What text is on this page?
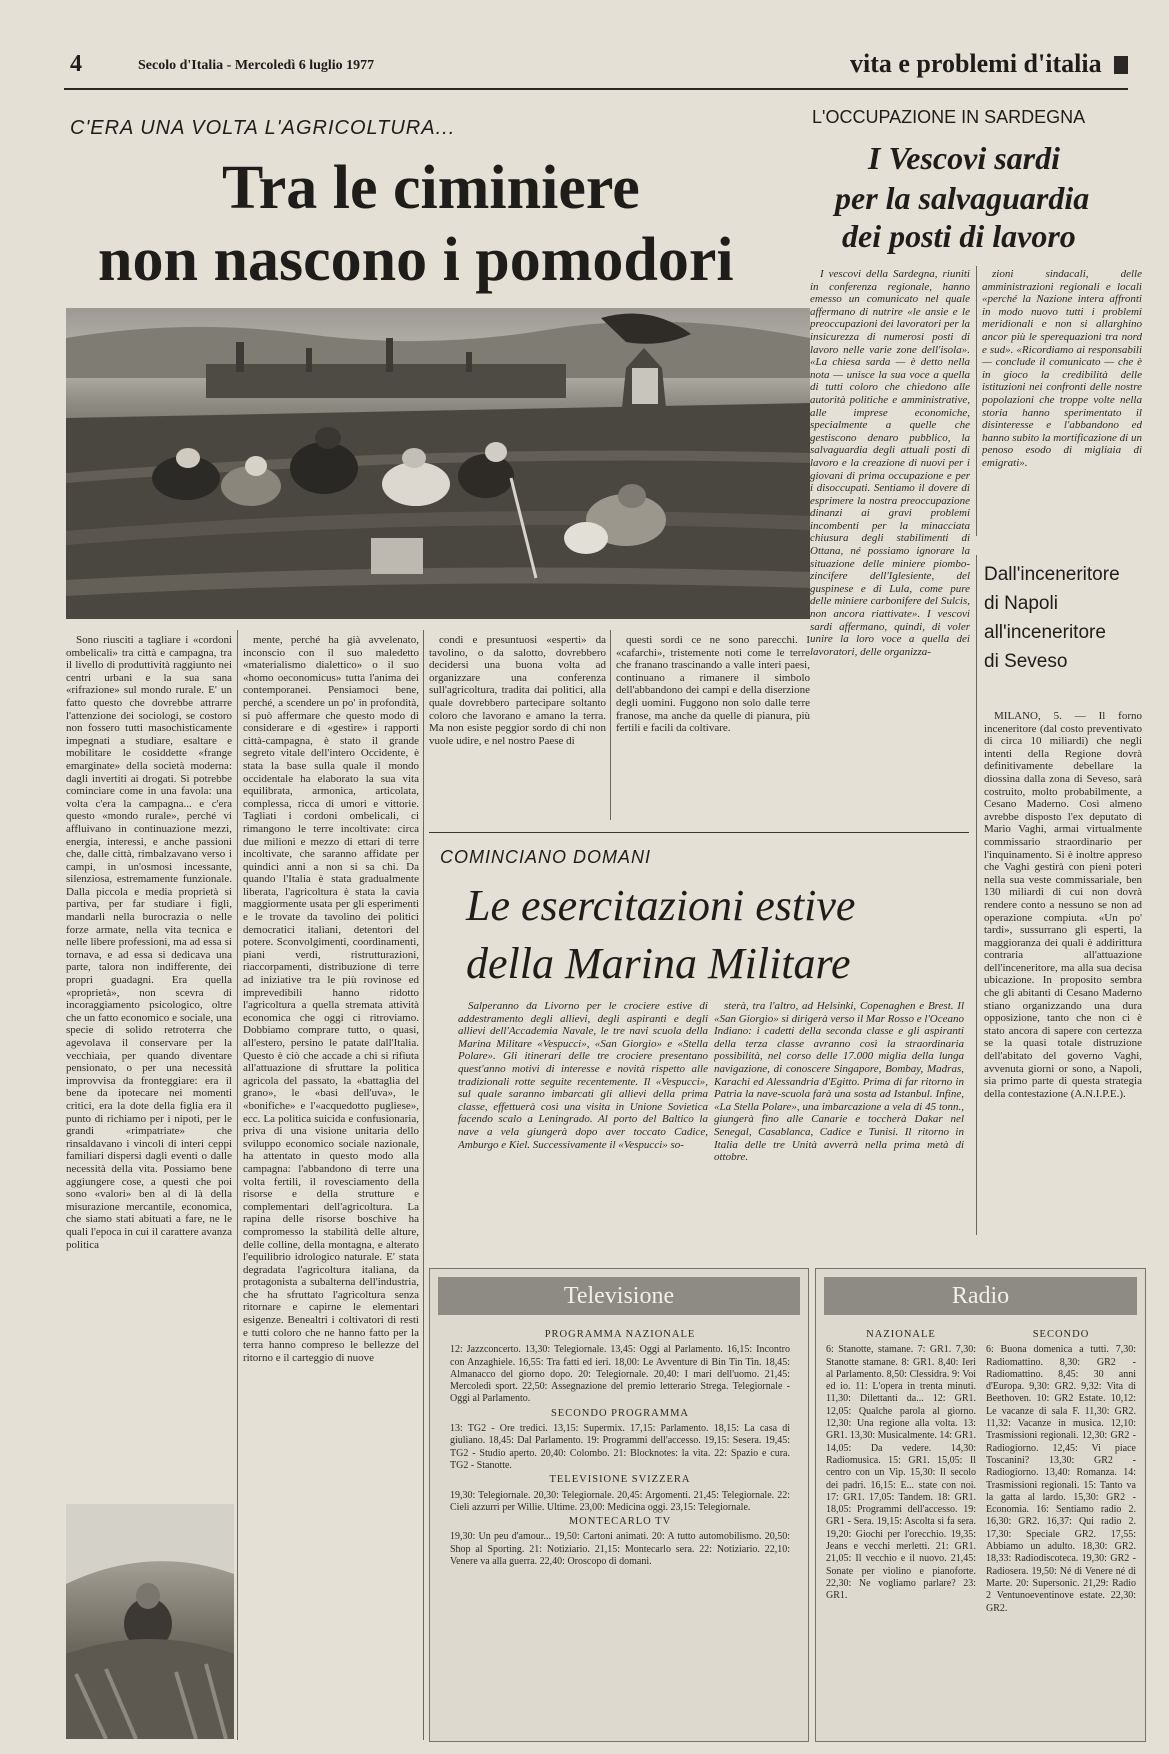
4	Secolo d'Italia - Mercoledì 6 luglio 1977	vita e problemi d'italia
C'ERA UNA VOLTA L'AGRICOLTURA...
Tra le ciminiere
non nascono i pomodori

Sono riusciti a tagliare i «cordoni ombelicali» tra città e campagna, tra il livello di produttività raggiunto nei centri urbani e la sua sana «rifrazione» sul mondo rurale. E' un fatto questo che dovrebbe attrarre l'attenzione dei sociologi, se costoro non fossero tutti masochisticamente impegnati a studiare, esaltare e mobilitare le cosiddette «frange emarginate» della società moderna: dagli invertiti ai drogati. Si potrebbe cominciare come in una favola: una volta c'era la campagna... e c'era questo «mondo rurale», perché vi affluivano in continuazione mezzi, energia, interessi, e anche passioni che, dalle città, rimbalzavano verso i campi, in un'osmosi incessante, silenziosa, estremamente funzionale. Dalla piccola e media proprietà si partiva, per far studiare i figli, mandarli nella burocrazia o nelle forze armate, nella vita tecnica e nelle libere professioni, ma ad essa si tornava, e ad essa si dedicava una parte, talora non indifferente, dei propri guadagni. Era quella «proprietà», non scevra di incoraggiamento psicologico, oltre che un fatto economico e sociale, una specie di solido retroterra che agevolava il conservare per la vecchiaia, per quando diventare pensionato, o per una necessità improvvisa da fronteggiare: era il bene da ipotecare nei momenti critici, era la dote della figlia era il punto di richiamo per i nipoti, per le grandi «rimpatriate» che rinsaldavano i vincoli di interi ceppi familiari dispersi dagli eventi o dalle necessità della vita. Possiamo bene aggiungere cose, a questi che poi sono «valori» ben al di là della misurazione mercantile, economica, che siamo stati abituati a fare, ne le quali l'epoca in cui il carattere avanza politica

mente, perché ha già avvelenato, inconscio con il suo maledetto «materialismo dialettico» o il suo «homo oeconomicus» tutta l'anima dei contemporanei. Pensiamoci bene, perché, a scendere un po' in profondità, si può affermare che questo modo di considerare e di «gestire» i rapporti città-campagna, è stato il grande segreto vitale dell'intero Occidente, è stata la base sulla quale il mondo occidentale ha elaborato la sua vita equilibrata, armonica, articolata, complessa, ricca di umori e vittorie. Tagliati i cordoni ombelicali, ci rimangono le terre incoltivate: circa due milioni e mezzo di ettari di terre incoltivate, che saranno affidate per quindici anni a non si sa chi. Da quando l'Italia è stata gradualmente liberata, l'agricoltura è stata la cavia maggiormente usata per gli esperimenti e le trovate da tavolino dei politici democratici italiani, detentori del potere. Sconvolgimenti, coordinamenti, piani verdi, ristrutturazioni, riaccorpamenti, distribuzione di terre ad iniziative tra le più rovinose ed imprevedibili hanno ridotto l'agricoltura a quella stremata attività economica che oggi ci ritroviamo. Dobbiamo comprare tutto, o quasi, all'estero, persino le patate dall'Italia. Questo è ciò che accade a chi si rifiuta all'attuazione di sfruttare la politica agricola del passato, la «battaglia del grano», le «basi dell'uva», le «bonifiche» e l'«acquedotto pugliese», ecc. La politica suicida e confusionaria, priva di una visione unitaria dello sviluppo economico sociale nazionale, ha attentato in questo modo alla campagna: l'abbandono di terre una volta fertili, il rovesciamento della risorse e della strutture e complementari dell'agricoltura. La rapina delle risorse boschive ha compromesso la stabilità delle alture, delle colline, della montagna, e alterato l'equilibrio idrologico naturale. E' stata degradata l'agricoltura italiana, da protagonista a subalterna dell'industria, che ha sfruttato l'agricoltura senza ritornare e capirne le elementari esigenze. Benealtri i coltivatori di resti e tutti coloro che ne hanno fatto per la terra hanno compreso le bellezze del ritorno e il carteggio di nuove

condi e presuntuosi «esperti» da tavolino, o da salotto, dovrebbero decidersi una buona volta ad organizzare una conferenza sull'agricoltura, tradita dai politici, alla quale dovrebbero partecipare soltanto coloro che lavorano e amano la terra. Ma non esiste peggior sordo di chi non vuole udire, e nel nostro Paese di

questi sordi ce ne sono parecchi. I «cafarchi», tristemente noti come le terre che franano trascinando a valle interi paesi, continuano a rimanere il simbolo dell'abbandono dei campi e della diserzione degli uomini. Fuggono non solo dalle terre franose, ma anche da quelle di pianura, più fertili e facili da coltivare.

L'OCCUPAZIONE IN SARDEGNA
I Vescovi sardi
per la salvaguardia
dei posti di lavoro

I vescovi della Sardegna, riuniti in conferenza regionale, hanno emesso un comunicato nel quale affermano di nutrire «le ansie e le preoccupazioni dei lavoratori per la insicurezza di numerosi posti di lavoro nelle varie zone dell'isola». «La chiesa sarda — è detto nella nota — unisce la sua voce a quella di tutti coloro che chiedono alle autorità politiche e amministrative, alle imprese economiche, specialmente a quelle che gestiscono denaro pubblico, la salvaguardia degli attuali posti di lavoro e la creazione di nuovi per i giovani di prima occupazione e per i disoccupati. Sentiamo il dovere di esprimere la nostra preoccupazione dinanzi ai gravi problemi incombenti per la minacciata chiusura degli stabilimenti di Ottana, né possiamo ignorare la situazione delle miniere piombo-zincifere dell'Iglesiente, del guspinese e di Lula, come pure delle miniere carbonifere del Sulcis, non ancora riattivate». I vescovi sardi affermano, quindi, di voler unire la loro voce a quella dei lavoratori, delle organizza-

zioni sindacali, delle amministrazioni regionali e locali «perché la Nazione intera affronti in modo nuovo tutti i problemi meridionali e non si allarghino ancor più le sperequazioni tra nord e sud». «Ricordiamo ai responsabili — conclude il comunicato — che è in gioco la credibilità delle istituzioni nei confronti delle nostre popolazioni che troppe volte nella storia hanno sperimentato il disinteresse e l'abbandono ed hanno subito la mortificazione di un penoso esodo di migliaia di emigrati».

Dall'inceneritore
di Napoli
all'inceneritore
di Seveso

MILANO, 5. — Il forno inceneritore (dal costo preventivato di circa 10 miliardi) che negli intenti della Regione dovrà definitivamente debellare la diossina dalla zona di Seveso, sarà costruito, molto probabilmente, a Cesano Maderno. Così almeno avrebbe disposto l'ex deputato di Mario Vaghi, armai virtualmente commissario straordinario per l'inquinamento. Si è inoltre appreso che Vaghi gestirà con pieni poteri nella sua veste commissariale, ben 130 miliardi di cui non dovrà rendere conto a nessuno se non ad operazione compiuta. «Un po' tardi», sussurrano gli esperti, la maggioranza dei quali è addirittura contraria all'attuazione dell'inceneritore, ma alla sua decisa ubicazione. In proposito sembra che gli abitanti di Cesano Maderno stiano organizzando una dura opposizione, tanto che non ci è stato ancora di sapere con certezza se la quasi totale distruzione dell'abitato del governo Vaghi, avvenuta giorni or sono, a Napoli, sia primo parte di questa strategia della contestazione (A.N.I.P.E.).

COMINCIANO DOMANI
Le esercitazioni estive
della Marina Militare

Salperanno da Livorno per le crociere estive di addestramento degli allievi, degli aspiranti e degli allievi dell'Accademia Navale, le tre navi scuola della Marina Militare «Vespucci», «San Giorgio» e «Stella Polare». Gli itinerari delle tre crociere presentano quest'anno motivi di interesse e novità rispetto alle tradizionali rotte seguite recentemente. Il «Vespucci», sul quale saranno imbarcati gli allievi della prima classe, effettuerà così una visita in Unione Sovietica facendo scalo a Leningrado. Al porto del Baltico la nave a vela giungerà dopo aver toccato Cadice, Amburgo e Kiel. Successivamente il «Vespucci» so-

sterà, tra l'altro, ad Helsinki, Copenaghen e Brest. Il «San Giorgio» si dirigerà verso il Mar Rosso e l'Oceano Indiano: i cadetti della seconda classe e gli aspiranti della terza classe avranno così la straordinaria possibilità, nel corso delle 17.000 miglia della lunga navigazione, di conoscere Singapore, Bombay, Madras, Karachi ed Alessandria d'Egitto. Prima di far ritorno in Patria la nave-scuola farà una sosta ad Istanbul. Infine, «La Stella Polare», una imbarcazione a vela di 45 tonn., giungerà fino alle Canarie e toccherà Dakar nel Senegal, Casablanca, Cadice e Tunisi. Il ritorno in Italia delle tre Unità avverrà nella prima metà di ottobre.

Televisione
PROGRAMMA NAZIONALE

12: Jazzconcerto. 13,30: Telegiornale. 13,45: Oggi al Parlamento. 16,15: Incontro con Anzaghiele. 16,55: Tra fatti ed ieri. 18,00: Le Avventure di Bin Tin Tin. 18,45: Almanacco del giorno dopo. 20: Telegiornale. 20,40: I mari dell'uomo. 21,45: Mercoledì sport. 22,50: Assegnazione del premio letterario Strega. Telegiornale - Oggi al Parlamento.

SECONDO PROGRAMMA

13: TG2 - Ore tredici. 13,15: Supermix. 17,15: Parlamento. 18,15: La casa di giuliano. 18,45: Dal Parlamento. 19: Programmi dell'accesso. 19,15: Sesera. 19,45: TG2 - Studio aperto. 20,40: Colombo. 21: Blocknotes: la vita. 22: Spazio e cura. TG2 - Stanotte.

TELEVISIONE SVIZZERA

19,30: Telegiornale. 20,30: Telegiornale. 20,45: Argomenti. 21,45: Telegiornale. 22: Cieli azzurri per Willie. Ultime. 23,00: Medicina oggi. 23,15: Telegiornale.

MONTECARLO TV

19,30: Un peu d'amour... 19,50: Cartoni animati. 20: A tutto automobilismo. 20,50: Shop al Sporting. 21: Notiziario. 21,15: Montecarlo sera. 22: Notiziario. 22,10: Venere va alla guerra. 22,40: Oroscopo di domani.

Radio
NAZIONALE

6: Stanotte, stamane. 7: GR1. 7,30: Stanotte stamane. 8: GR1. 8,40: Ieri al Parlamento. 8,50: Clessidra. 9: Voi ed io. 11: L'opera in trenta minuti. 11,30: Dilettanti da... 12: GR1. 12,05: Qualche parola al giorno. 12,30: Una regione alla volta. 13: GR1. 13,30: Musicalmente. 14: GR1. 14,05: Da vedere. 14,30: Radiomusica. 15: GR1. 15,05: Il centro con un Vip. 15,30: Il secolo dei padri. 16,15: E... state con noi. 17: GR1. 17,05: Tandem. 18: GR1. 18,05: Programmi dell'accesso. 19: GR1 - Sera. 19,15: Ascolta si fa sera. 19,20: Giochi per l'orecchio. 19,35: Jeans e vecchi merletti. 21: GR1. 21,05: Il vecchio e il nuovo. 21,45: Sonate per violino e pianoforte. 22,30: Ne vogliamo parlare? 23: GR1.

SECONDO

6: Buona domenica a tutti. 7,30: Radiomattino. 8,30: GR2 - Radiomattino. 8,45: 30 anni d'Europa. 9,30: GR2. 9,32: Vita di Beethoven. 10: GR2 Estate. 10,12: Le vacanze di sala F. 11,30: GR2. 11,32: Vacanze in musica. 12,10: Trasmissioni regionali. 12,30: GR2 - Radiogiorno. 12,45: Vi piace Toscanini? 13,30: GR2 - Radiogiorno. 13,40: Romanza. 14: Trasmissioni regionali. 15: Tanto va la gatta al lardo. 15,30: GR2 - Economia. 16: Sentiamo radio 2. 16,30: GR2. 16,37: Qui radio 2. 17,30: Speciale GR2. 17,55: Abbiamo un adulto. 18,30: GR2. 18,33: Radiodiscoteca. 19,30: GR2 - Radiosera. 19,50: Né di Venere né di Marte. 20: Supersonic. 21,29: Radio 2 Ventunoeventinove estate. 22,30: GR2.
